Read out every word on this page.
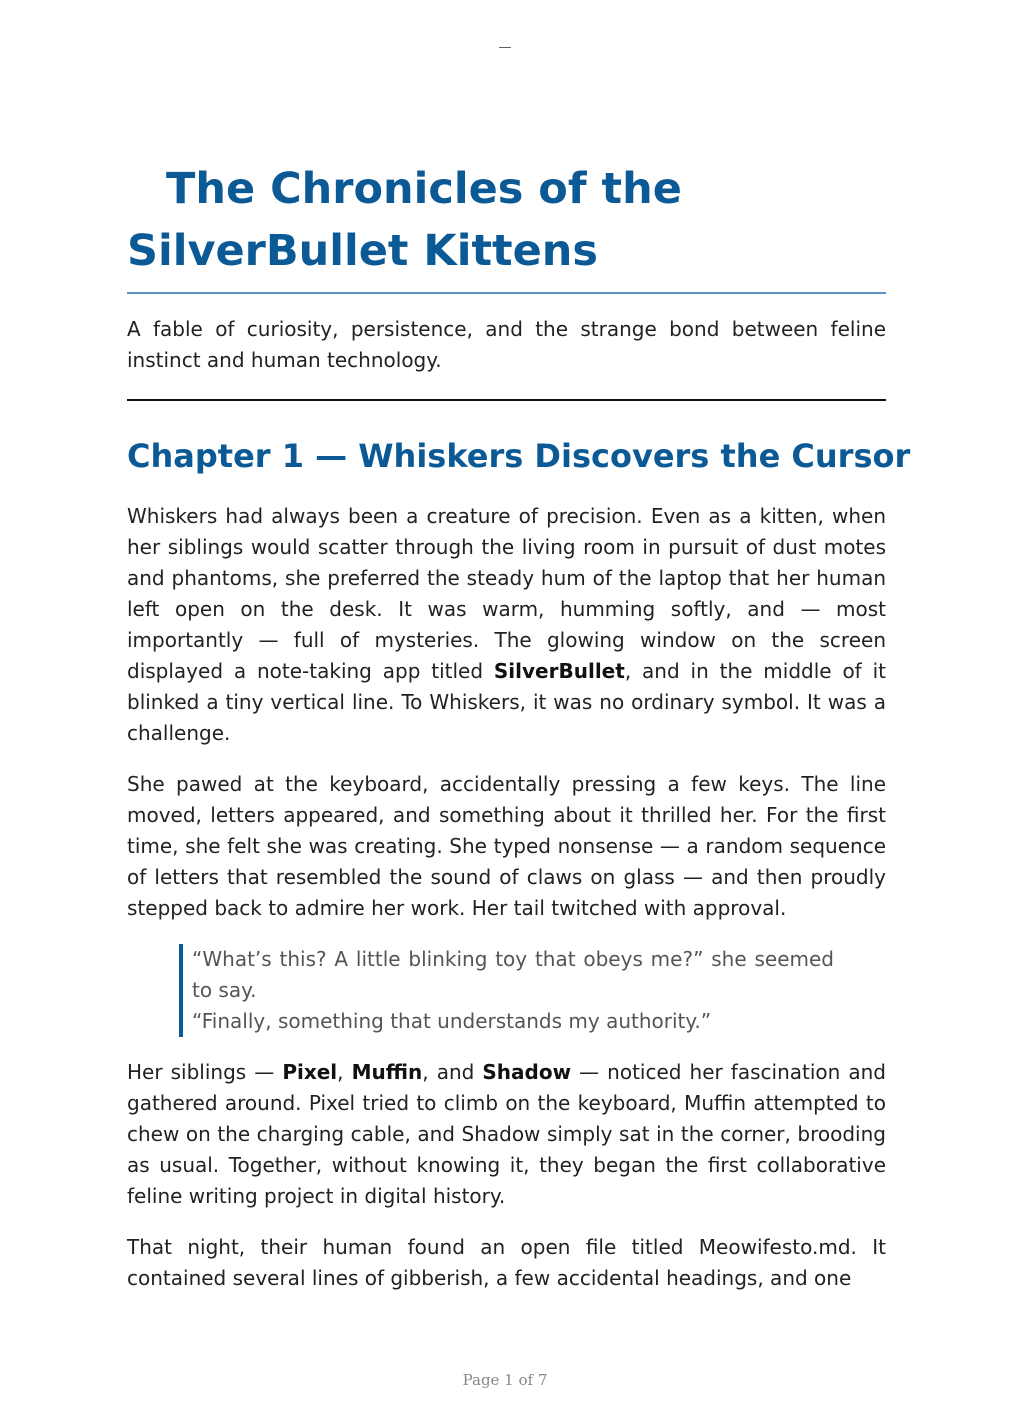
—
The Chronicles of the SilverBullet Kittens

A fable of curiosity, persistence, and the strange bond between feline instinct and human technology.

Chapter 1 — Whiskers Discovers the Cursor

Whiskers had always been a creature of precision. Even as a kitten, when her siblings would scatter through the living room in pursuit of dust motes and phantoms, she preferred the steady hum of the laptop that her human left open on the desk. It was warm, humming softly, and — most importantly — full of mysteries. The glowing window on the screen displayed a note-taking app titled SilverBullet, and in the middle of it blinked a tiny vertical line. To Whiskers, it was no ordinary symbol. It was a challenge.

She pawed at the keyboard, accidentally pressing a few keys. The line moved, letters appeared, and something about it thrilled her. For the first time, she felt she was creating. She typed nonsense — a random sequence of letters that resembled the sound of claws on glass — and then proudly stepped back to admire her work. Her tail twitched with approval.

“What’s this? A little blinking toy that obeys me?” she seemed to say.
“Finally, something that understands my authority.”

Her siblings — Pixel, Muffin, and Shadow — noticed her fascination and gathered around. Pixel tried to climb on the keyboard, Muffin attempted to chew on the charging cable, and Shadow simply sat in the corner, brooding as usual. Together, without knowing it, they began the first collaborative feline writing project in digital history.

That night, their human found an open file titled Meowifesto.md. It contained several lines of gibberish, a few accidental headings, and one

Page 1 of 7
